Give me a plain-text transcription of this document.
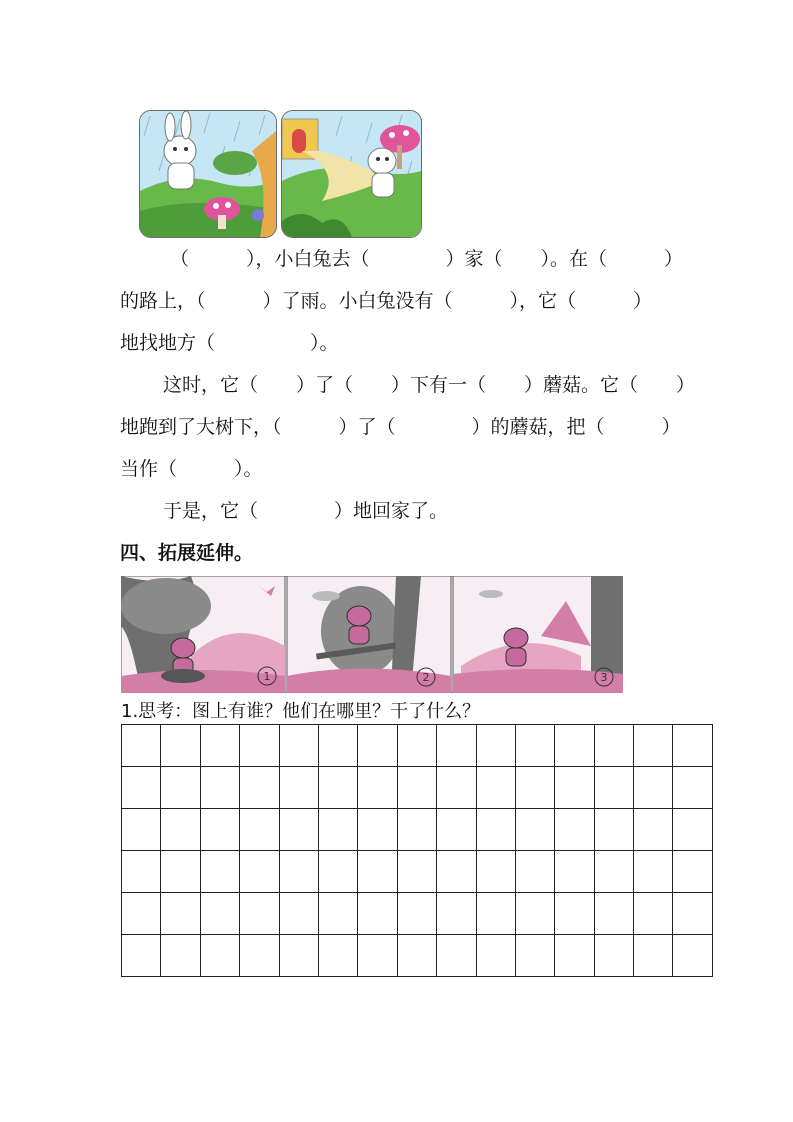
（　　　），小白兔去（　　　　）家（　　）。在（　　　）
的路上，（　　　）了雨。小白兔没有（　　　），它（　　　）
地找地方（　　　　　）。
这时，它（　　）了（　　）下有一（　　）蘑菇。它（　　）
地跑到了大树下，（　　　）了（　　　　）的蘑菇，把（　　　）
当作（　　　）。
于是，它（　　　　）地回家了。
四、拓展延伸。
1	2	3
1.思考：图上有谁？他们在哪里？干了什么？
